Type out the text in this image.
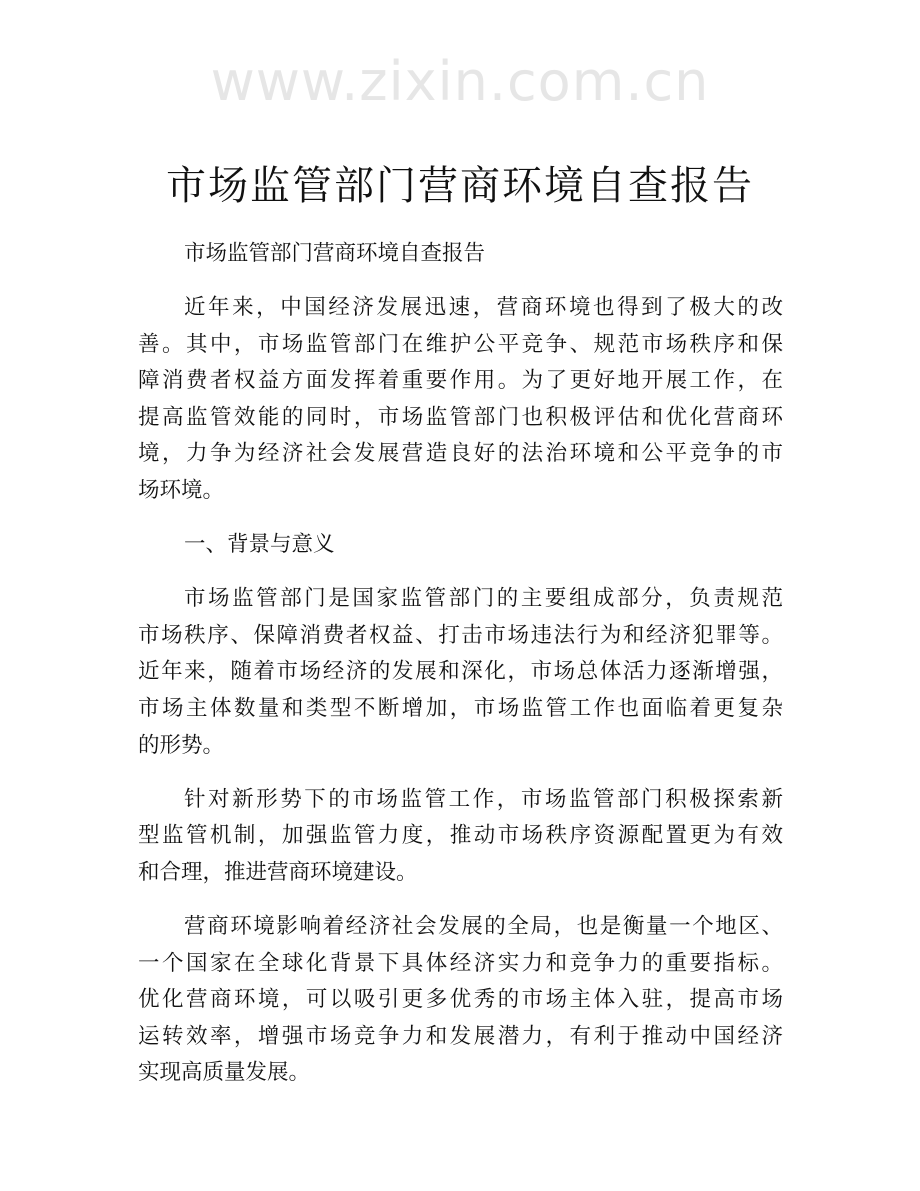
www.zixin.com.cn
市场监管部门营商环境自查报告
市场监管部门营商环境自查报告
近年来，中国经济发展迅速，营商环境也得到了极大的改
善。其中，市场监管部门在维护公平竞争、规范市场秩序和保
障消费者权益方面发挥着重要作用。为了更好地开展工作，在
提高监管效能的同时，市场监管部门也积极评估和优化营商环
境，力争为经济社会发展营造良好的法治环境和公平竞争的市
场环境。
一、背景与意义
市场监管部门是国家监管部门的主要组成部分，负责规范
市场秩序、保障消费者权益、打击市场违法行为和经济犯罪等。
近年来，随着市场经济的发展和深化，市场总体活力逐渐增强，
市场主体数量和类型不断增加，市场监管工作也面临着更复杂
的形势。
针对新形势下的市场监管工作，市场监管部门积极探索新
型监管机制，加强监管力度，推动市场秩序资源配置更为有效
和合理，推进营商环境建设。
营商环境影响着经济社会发展的全局，也是衡量一个地区、
一个国家在全球化背景下具体经济实力和竞争力的重要指标。
优化营商环境，可以吸引更多优秀的市场主体入驻，提高市场
运转效率，增强市场竞争力和发展潜力，有利于推动中国经济
实现高质量发展。
